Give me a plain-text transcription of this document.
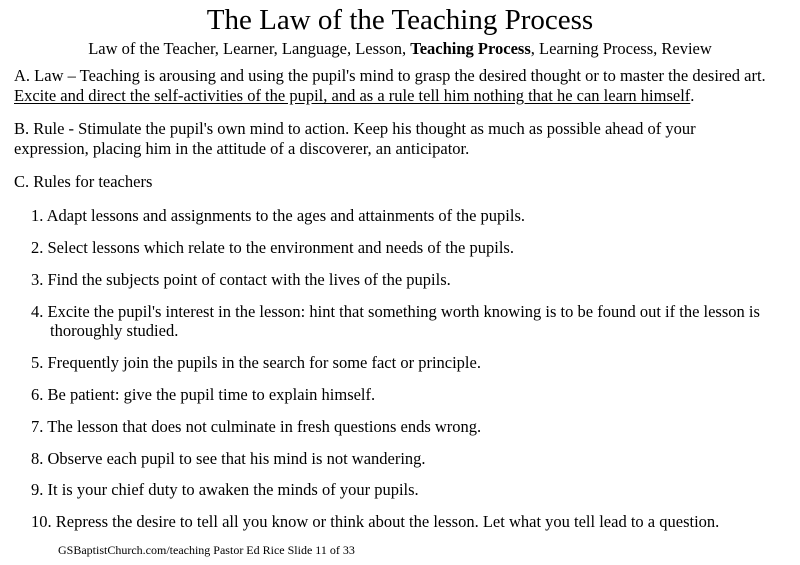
The Law of the Teaching Process
Law of the Teacher, Learner, Language, Lesson, Teaching Process, Learning Process, Review

A. Law – Teaching is arousing and using the pupil's mind to grasp the desired thought or to master the desired art. Excite and direct the self-activities of the pupil, and as a rule tell him nothing that he can learn himself.

B. Rule - Stimulate the pupil's own mind to action. Keep his thought as much as possible ahead of your expression, placing him in the attitude of a discoverer, an anticipator.

C. Rules for teachers

1. Adapt lessons and assignments to the ages and attainments of the pupils.
2. Select lessons which relate to the environment and needs of the pupils.
3. Find the subjects point of contact with the lives of the pupils.
4. Excite the pupil's interest in the lesson: hint that something worth knowing is to be found out if the lesson is thoroughly studied.
5. Frequently join the pupils in the search for some fact or principle.
6. Be patient: give the pupil time to explain himself.
7. The lesson that does not culminate in fresh questions ends wrong.
8. Observe each pupil to see that his mind is not wandering.
9. It is your chief duty to awaken the minds of your pupils.
10. Repress the desire to tell all you know or think about the lesson. Let what you tell lead to a question.
GSBaptistChurch.com/teaching Pastor Ed Rice Slide 11 of 33
